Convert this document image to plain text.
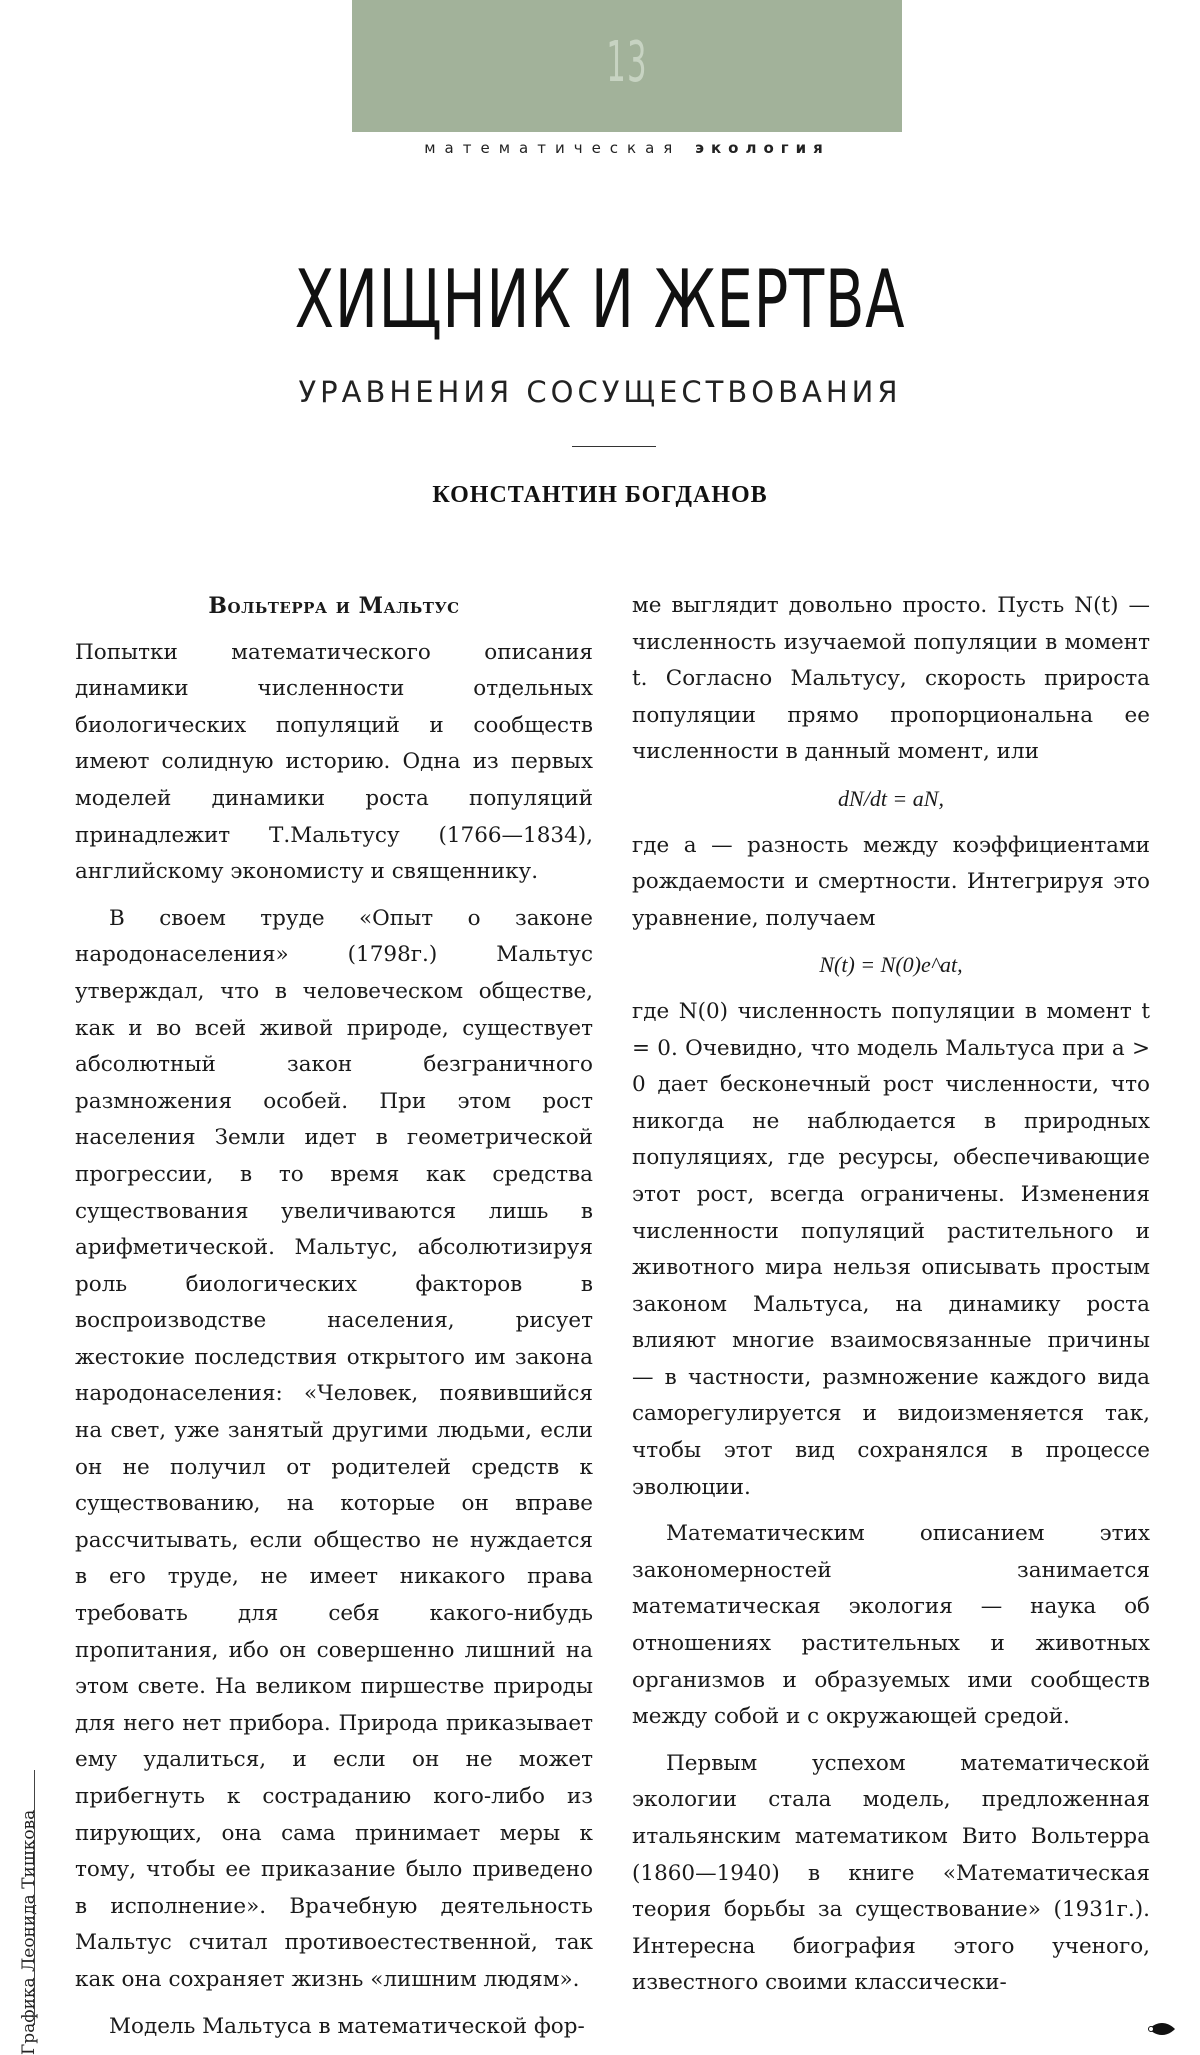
13
математическая экология
ХИЩНИК И ЖЕРТВА
УРАВНЕНИЯ СОСУЩЕСТВОВАНИЯ
КОНСТАНТИН БОГДАНОВ

Вольтерра и Мальтус

Попытки математического описания динамики численности отдельных биологических популяций и сообществ имеют солидную историю. Одна из первых моделей динамики роста популяций принадлежит Т.Мальтусу (1766—1834), английскому экономисту и священнику.

В своем труде «Опыт о законе народонаселения» (1798г.) Мальтус утверждал, что в человеческом обществе, как и во всей живой природе, существует абсолютный закон безграничного размножения особей. При этом рост населения Земли идет в геометрической прогрессии, в то время как средства существования увеличиваются лишь в арифметической. Мальтус, абсолютизируя роль биологических факторов в воспроизводстве населения, рисует жестокие последствия открытого им закона народонаселения: «Человек, появившийся на свет, уже занятый другими людьми, если он не получил от родителей средств к существованию, на которые он вправе рассчитывать, если общество не нуждается в его труде, не имеет никакого права требовать для себя какого-нибудь пропитания, ибо он совершенно лишний на этом свете. На великом пиршестве природы для него нет прибора. Природа приказывает ему удалиться, и если он не может прибегнуть к состраданию кого-либо из пирующих, она сама принимает меры к тому, чтобы ее приказание было приведено в исполнение». Врачебную деятельность Мальтус считал противоестественной, так как она сохраняет жизнь «лишним людям».

Модель Мальтуса в математической фор-

ме выглядит довольно просто. Пусть N(t) — численность изучаемой популяции в момент t. Согласно Мальтусу, скорость прироста популяции прямо пропорциональна ее численности в данный момент, или

dN/dt = aN,

где a — разность между коэффициентами рождаемости и смертности. Интегрируя это уравнение, получаем

N(t) = N(0)e^at,

где N(0) численность популяции в момент t = 0. Очевидно, что модель Мальтуса при a > 0 дает бесконечный рост численности, что никогда не наблюдается в природных популяциях, где ресурсы, обеспечивающие этот рост, всегда ограничены. Изменения численности популяций растительного и животного мира нельзя описывать простым законом Мальтуса, на динамику роста влияют многие взаимосвязанные причины — в частности, размножение каждого вида саморегулируется и видоизменяется так, чтобы этот вид сохранялся в процессе эволюции.

Математическим описанием этих закономерностей занимается математическая экология — наука об отношениях растительных и животных организмов и образуемых ими сообществ между собой и с окружающей средой.

Первым успехом математической экологии стала модель, предложенная итальянским математиком Вито Вольтерра (1860—1940) в книге «Математическая теория борьбы за существование» (1931г.). Интересна биография этого ученого, известного своими классически-

Графика Леонида Тишкова
